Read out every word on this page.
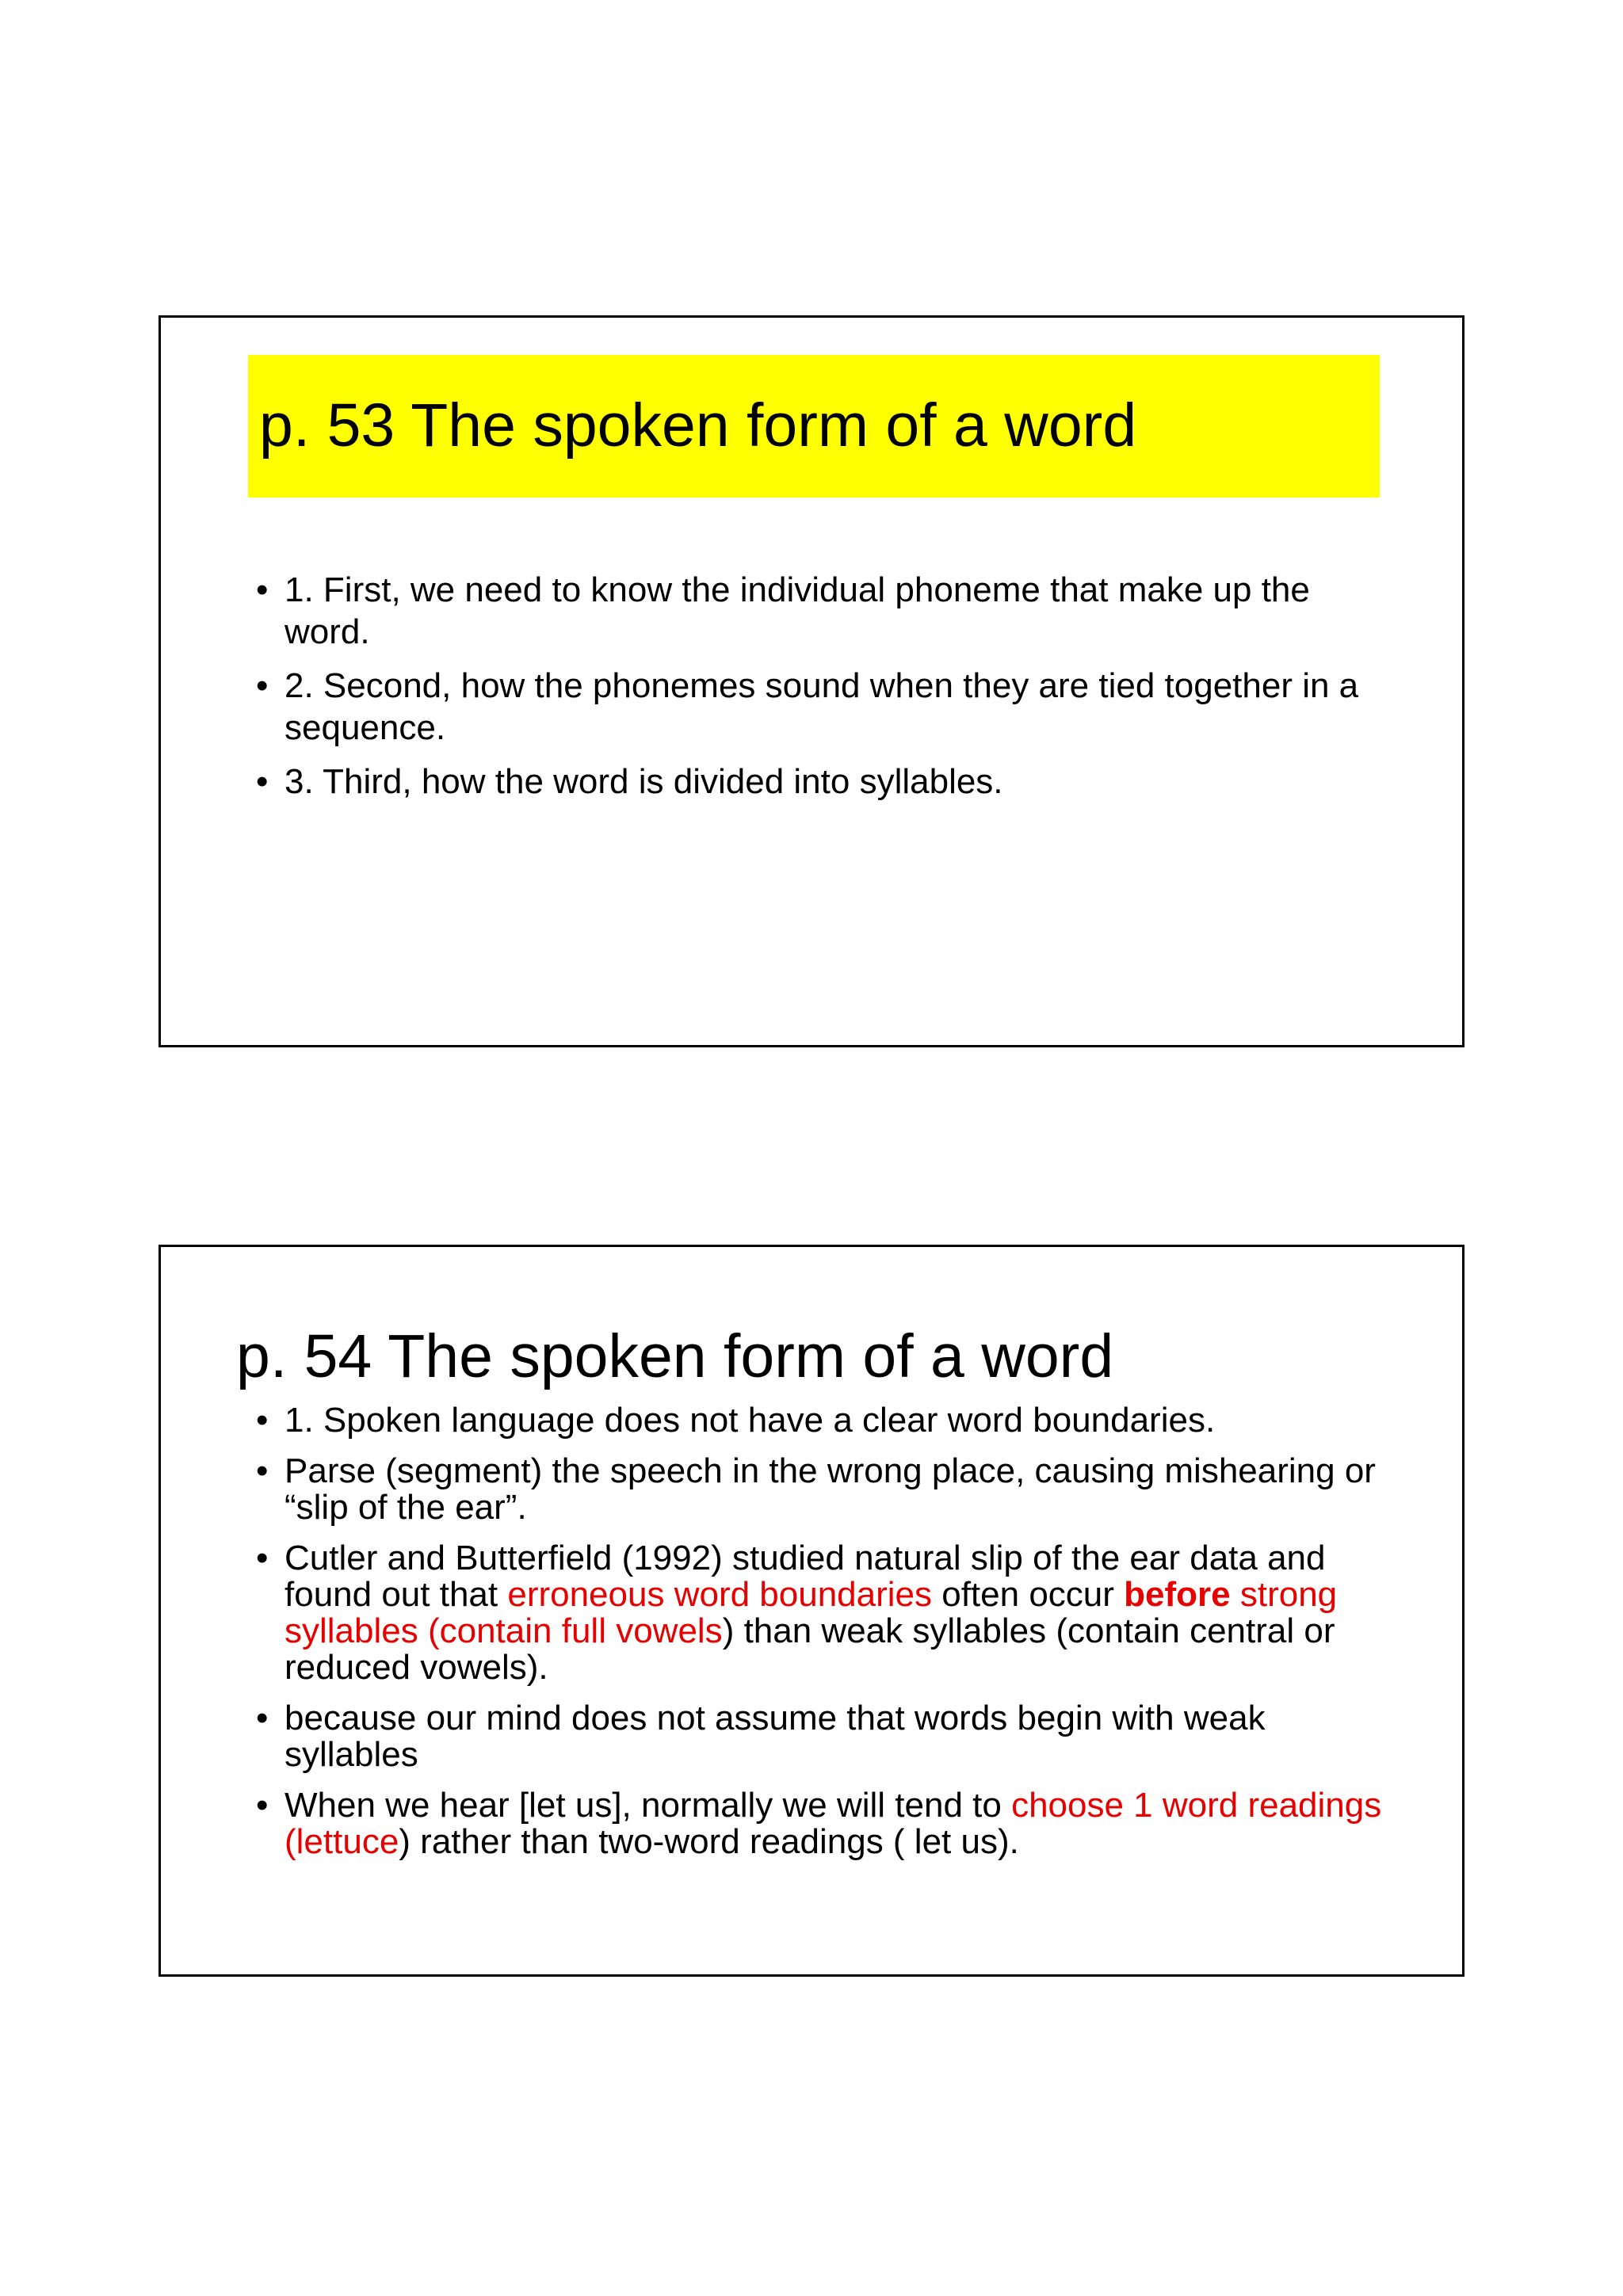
p. 53 The spoken form of a word
• 1. First, we need to know the individual phoneme that make up the word.
• 2. Second, how the phonemes sound when they are tied together in a sequence.
• 3. Third, how the word is divided into syllables.
p. 54 The spoken form of a word
• 1. Spoken language does not have a clear word boundaries.
• Parse (segment) the speech in the wrong place, causing mishearing or “slip of the ear”.
• Cutler and Butterfield (1992) studied natural slip of the ear data and found out that erroneous word boundaries often occur before strong syllables (contain full vowels) than weak syllables (contain central or reduced vowels).
• because our mind does not assume that words begin with weak syllables
• When we hear [let us], normally we will tend to choose 1 word readings (lettuce) rather than two-word readings ( let us).
